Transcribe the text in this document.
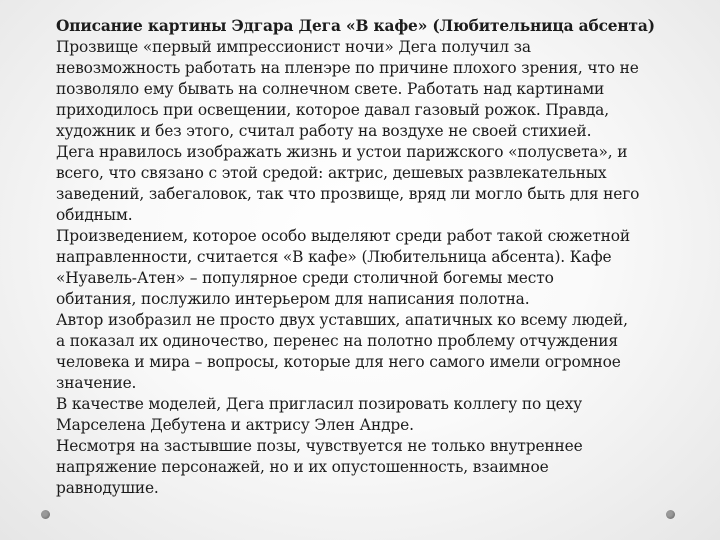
Описание картины Эдгара Дега «В кафе» (Любительница абсента)
Прозвище «первый импрессионист ночи» Дега получил за
невозможность работать на пленэре по причине плохого зрения, что не
позволяло ему бывать на солнечном свете. Работать над картинами
приходилось при освещении, которое давал газовый рожок. Правда,
художник и без этого, считал работу на воздухе не своей стихией.
Дега нравилось изображать жизнь и устои парижского «полусвета», и
всего, что связано с этой средой: актрис, дешевых развлекательных
заведений, забегаловок, так что прозвище, вряд ли могло быть для него
обидным.
Произведением, которое особо выделяют среди работ такой сюжетной
направленности, считается «В кафе» (Любительница абсента). Кафе
«Нуавель-Атен» – популярное среди столичной богемы место
обитания, послужило интерьером для написания полотна.
Автор изобразил не просто двух уставших, апатичных ко всему людей,
а показал их одиночество, перенес на полотно проблему отчуждения
человека и мира – вопросы, которые для него самого имели огромное
значение.
В качестве моделей, Дега пригласил позировать коллегу по цеху
Марселена Дебутена и актрису Элен Андре.
Несмотря на застывшие позы, чувствуется не только внутреннее
напряжение персонажей, но и их опустошенность, взаимное
равнодушие.
